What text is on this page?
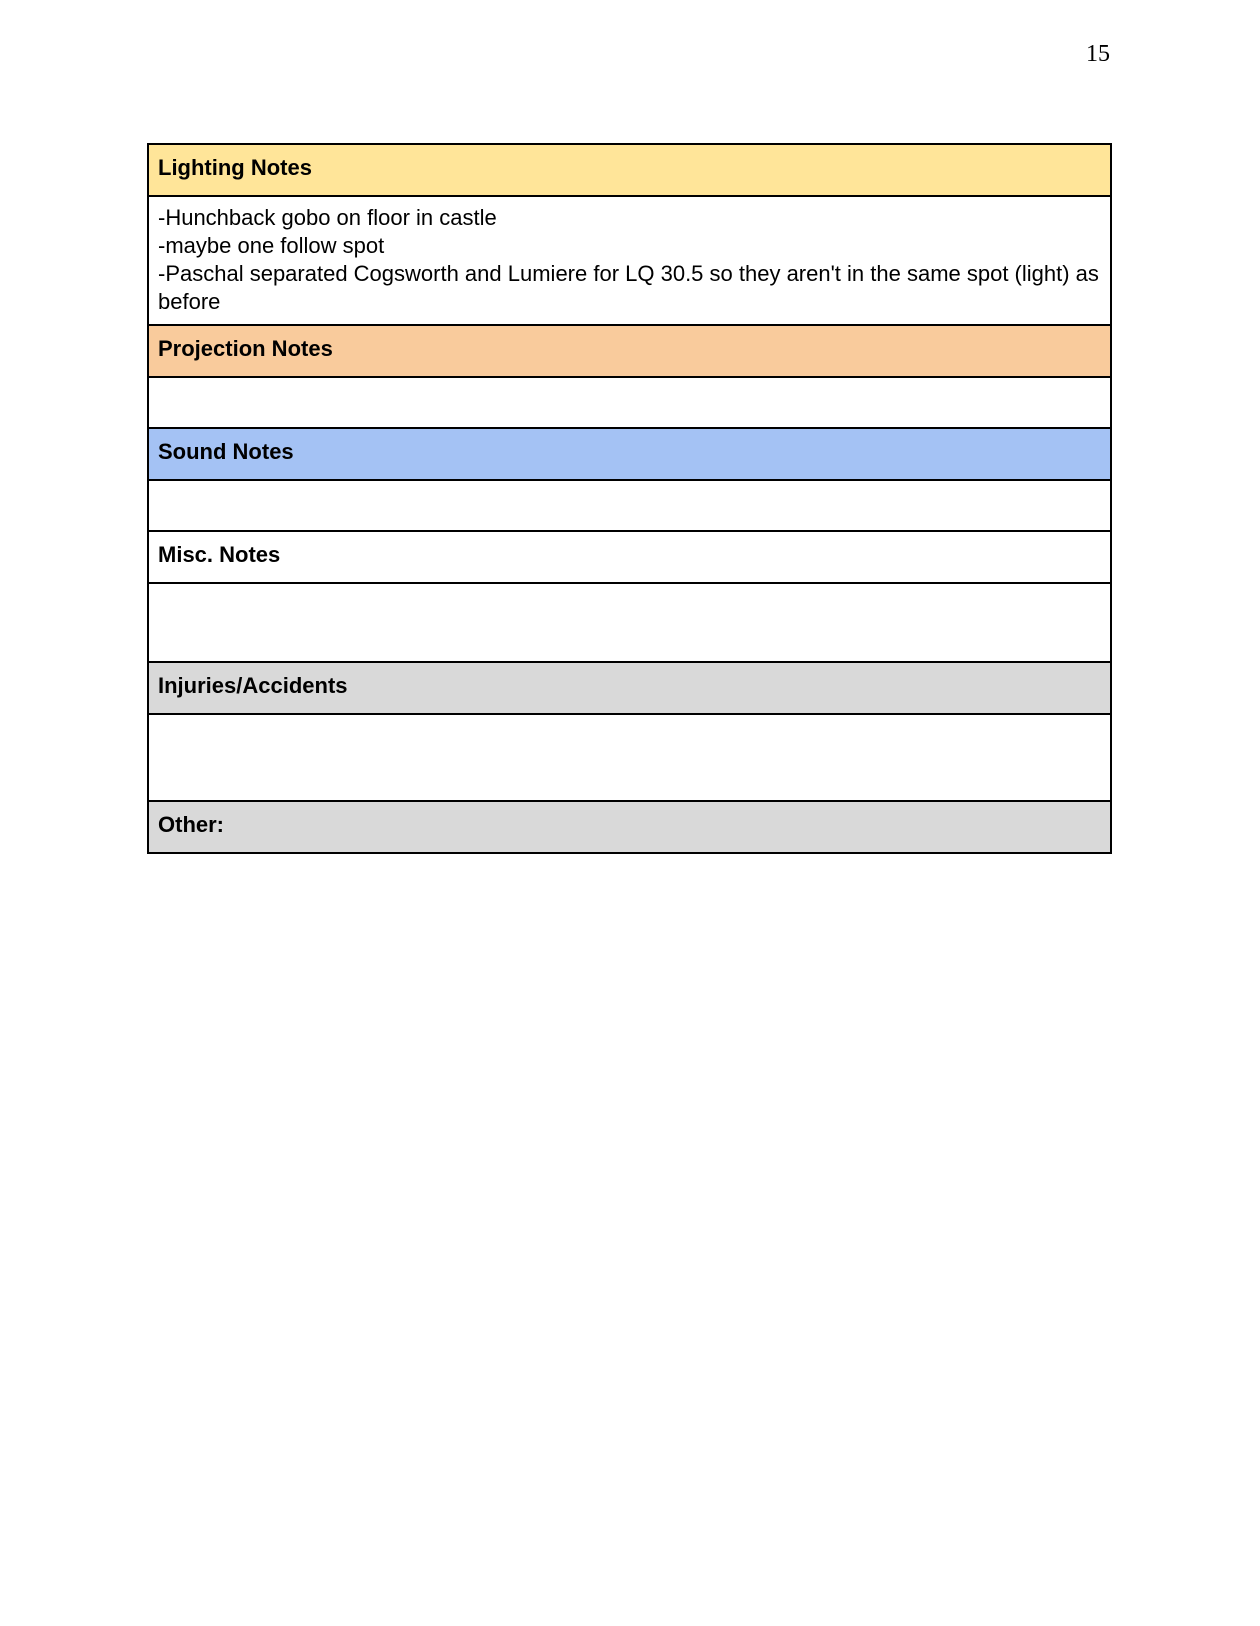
15
Lighting Notes

-Hunchback gobo on floor in castle
-maybe one follow spot
-Paschal separated Cogsworth and Lumiere for LQ 30.5 so they aren't in the same spot (light) as before

Projection Notes

Sound Notes

Misc. Notes

Injuries/Accidents

Other:
